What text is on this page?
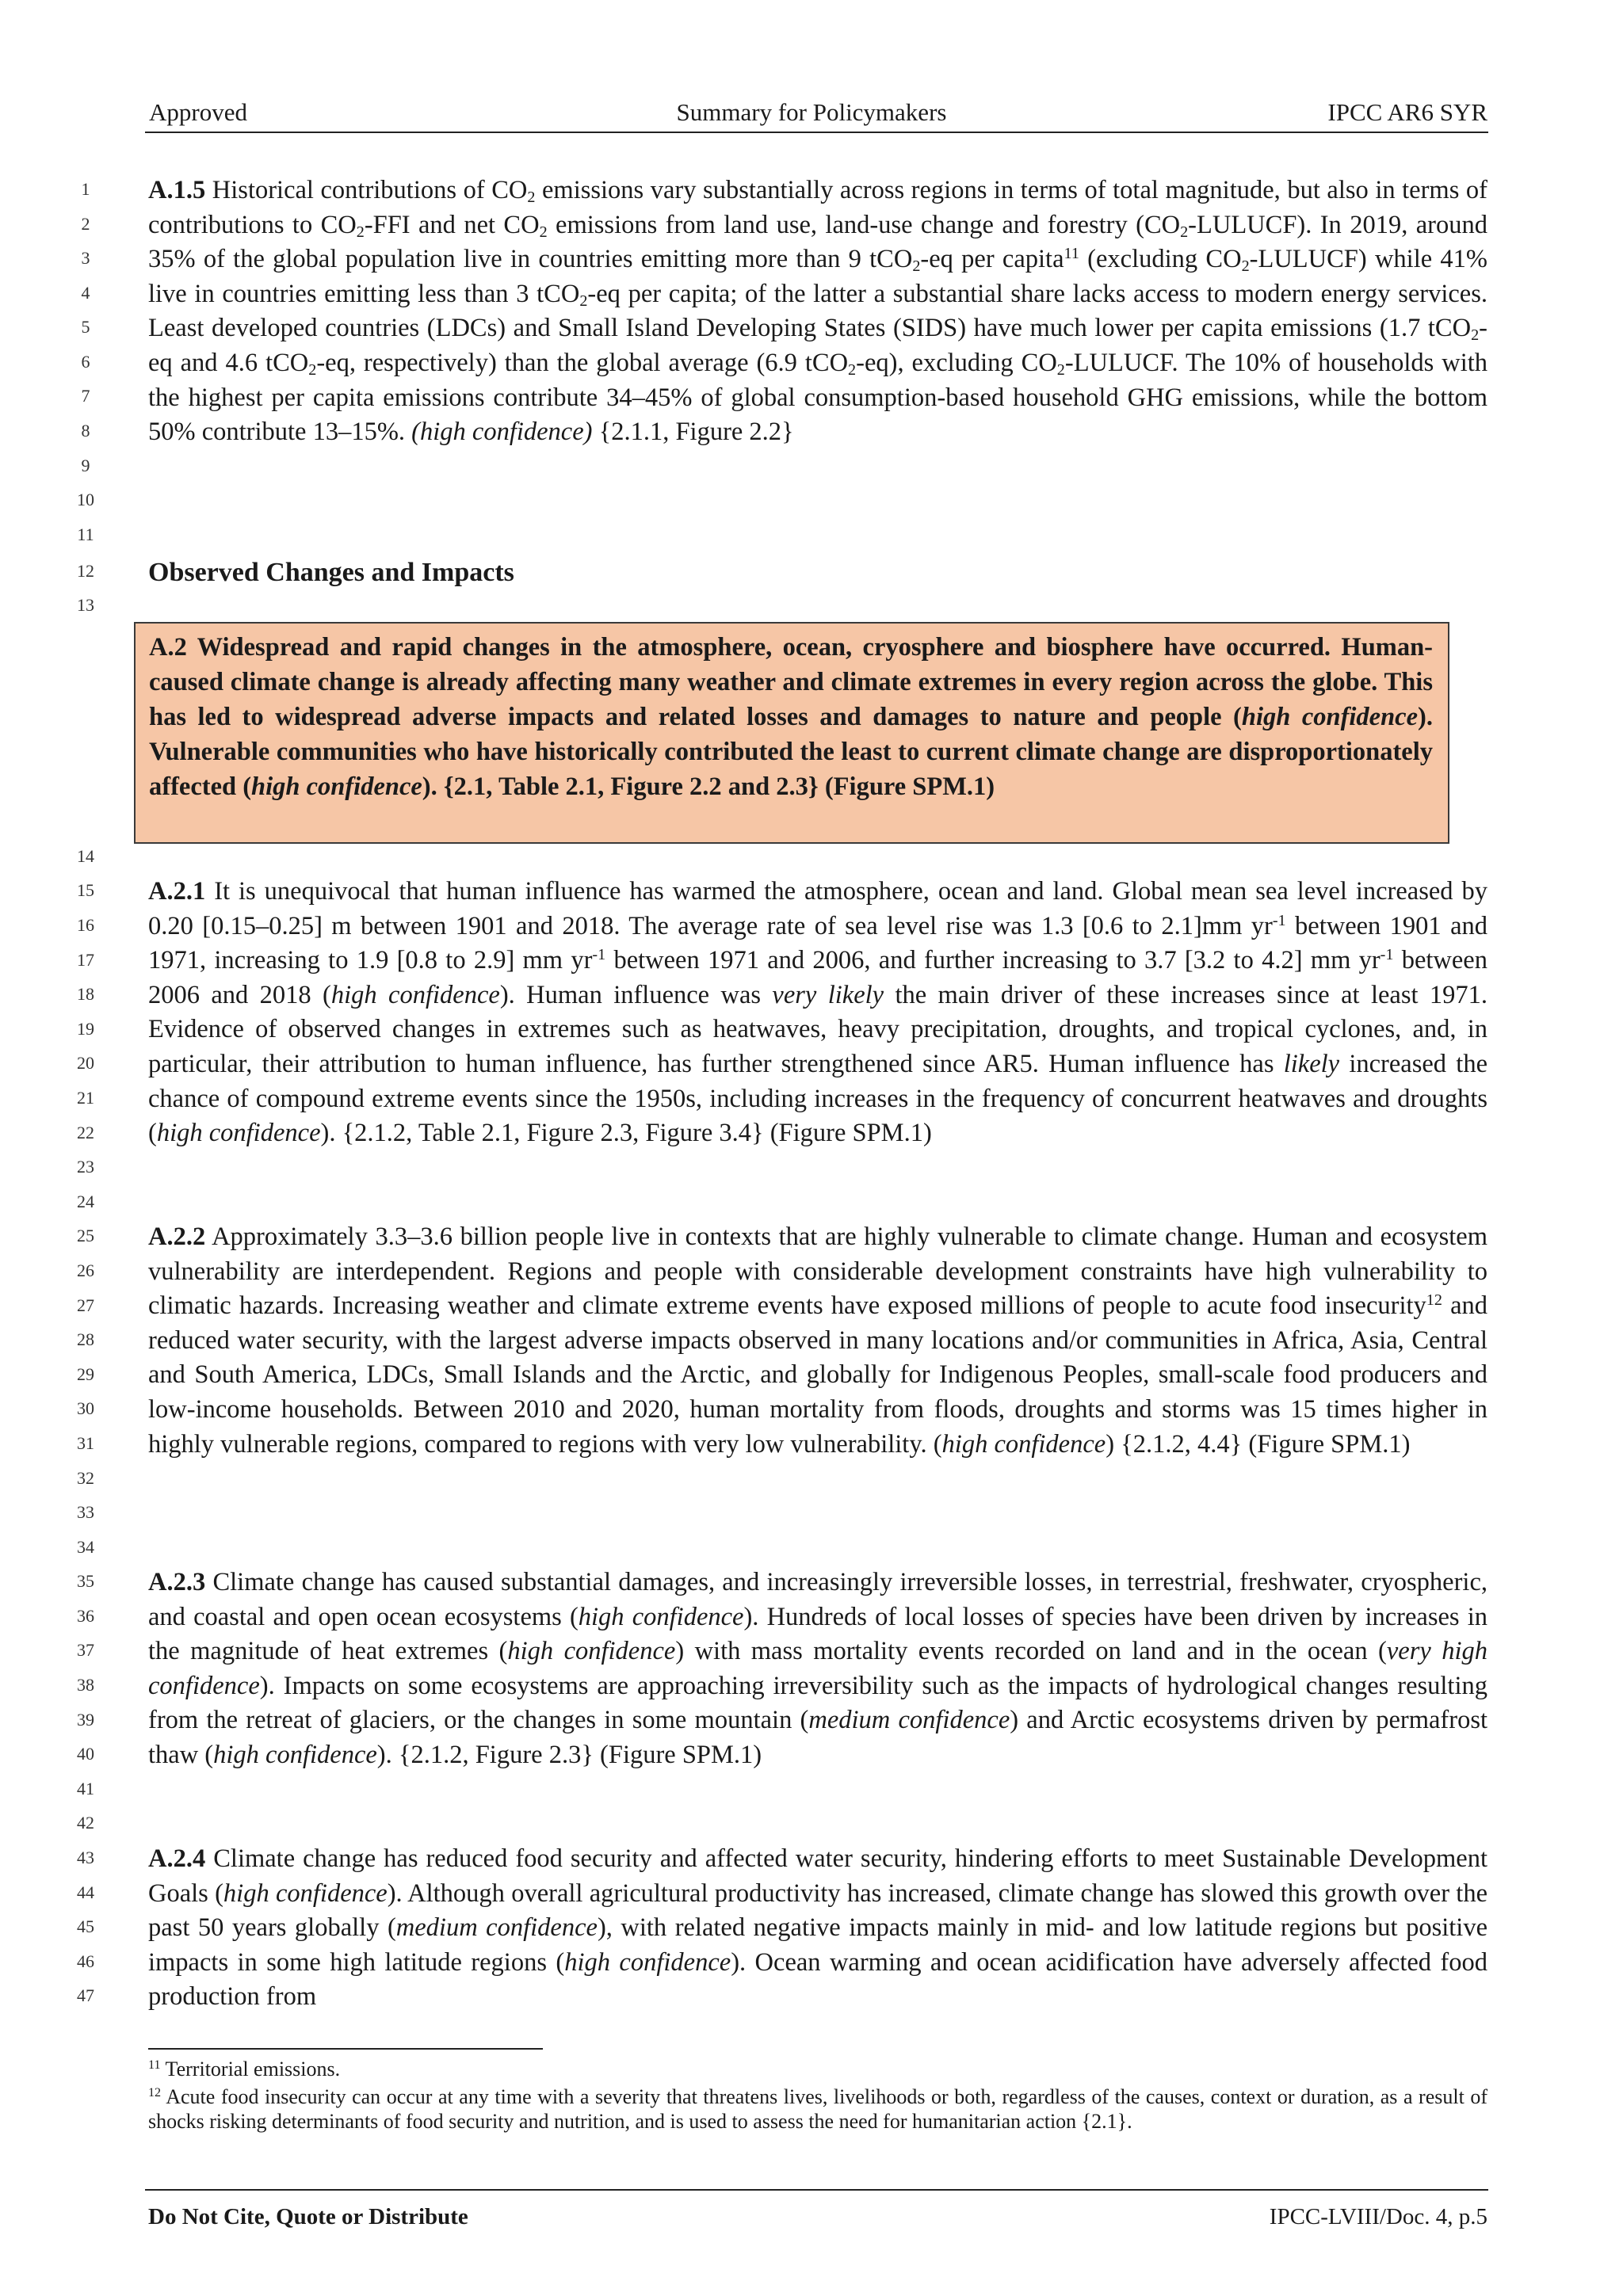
Approved	Summary for Policymakers	IPCC AR6 SYR
1
2
3
4
5
6
7
8
9
10
11
12
13
14
15
16
17
18
19
20
21
22
23
24
25
26
27
28
29
30
31
32
33
34
35
36
37
38
39
40
41
42
43
44
45
46
47
A.1.5 Historical contributions of $CO_2$ emissions vary substantially across regions in terms of total magnitude, but also in terms of contributions to $CO_2$-FFI and net $CO_2$ emissions from land use, land-use change and forestry $(CO_2-LULUCF)$. In 2019, around 35% of the global population live in countries emitting more than 9 tCO$_2$-eq per capita$^{11}$ (excluding $CO_2-LULUCF$) while 41% live in countries emitting less than 3 tCO$_2$-eq per capita; of the latter a substantial share lacks access to modern energy services. Least developed countries (LDCs) and Small Island Developing States (SIDS) have much lower per capita emissions (1.7 tCO$_2$-eq and 4.6 tCO$_2$-eq, respectively) than the global average (6.9 tCO$_2$-eq), excluding $CO_2$-LULUCF. The 10% of households with the highest per capita emissions contribute 34–45% of global consumption-based household GHG emissions, while the bottom 50% contribute 13–15%. (high confidence) {2.1.1, Figure 2.2}
Observed Changes and Impacts
A.2 Widespread and rapid changes in the atmosphere, ocean, cryosphere and biosphere have occurred. Human-caused climate change is already affecting many weather and climate extremes in every region across the globe. This has led to widespread adverse impacts and related losses and damages to nature and people (high confidence). Vulnerable communities who have historically contributed the least to current climate change are disproportionately affected (high confidence). {2.1, Table 2.1, Figure 2.2 and 2.3} (Figure SPM.1)
A.2.1 It is unequivocal that human influence has warmed the atmosphere, ocean and land. Global mean sea level increased by 0.20 [0.15–0.25] m between 1901 and 2018. The average rate of sea level rise was 1.3 [0.6 to 2.1]mm $yr^{-1}$ between 1901 and 1971, increasing to 1.9 [0.8 to 2.9] mm $yr^{-1}$ between 1971 and 2006, and further increasing to 3.7 [3.2 to 4.2] mm $yr^{-1}$ between 2006 and 2018 (high confidence). Human influence was very likely the main driver of these increases since at least 1971. Evidence of observed changes in extremes such as heatwaves, heavy precipitation, droughts, and tropical cyclones, and, in particular, their attribution to human influence, has further strengthened since AR5. Human influence has likely increased the chance of compound extreme events since the 1950s, including increases in the frequency of concurrent heatwaves and droughts (high confidence). {2.1.2, Table 2.1, Figure 2.3, Figure 3.4} (Figure SPM.1)
A.2.2 Approximately 3.3–3.6 billion people live in contexts that are highly vulnerable to climate change. Human and ecosystem vulnerability are interdependent. Regions and people with considerable development constraints have high vulnerability to climatic hazards. Increasing weather and climate extreme events have exposed millions of people to acute food insecurity$^{12}$ and reduced water security, with the largest adverse impacts observed in many locations and/or communities in Africa, Asia, Central and South America, LDCs, Small Islands and the Arctic, and globally for Indigenous Peoples, small-scale food producers and low-income households. Between 2010 and 2020, human mortality from floods, droughts and storms was 15 times higher in highly vulnerable regions, compared to regions with very low vulnerability. (high confidence) {2.1.2, 4.4} (Figure SPM.1)
A.2.3 Climate change has caused substantial damages, and increasingly irreversible losses, in terrestrial, freshwater, cryospheric, and coastal and open ocean ecosystems (high confidence). Hundreds of local losses of species have been driven by increases in the magnitude of heat extremes (high confidence) with mass mortality events recorded on land and in the ocean (very high confidence). Impacts on some ecosystems are approaching irreversibility such as the impacts of hydrological changes resulting from the retreat of glaciers, or the changes in some mountain (medium confidence) and Arctic ecosystems driven by permafrost thaw (high confidence). {2.1.2, Figure 2.3} (Figure SPM.1)
A.2.4 Climate change has reduced food security and affected water security, hindering efforts to meet Sustainable Development Goals (high confidence). Although overall agricultural productivity has increased, climate change has slowed this growth over the past 50 years globally (medium confidence), with related negative impacts mainly in mid- and low latitude regions but positive impacts in some high latitude regions (high confidence). Ocean warming and ocean acidification have adversely affected food production from
$^{11}$ Territorial emissions.
$^{12}$ Acute food insecurity can occur at any time with a severity that threatens lives, livelihoods or both, regardless of the causes, context or duration, as a result of shocks risking determinants of food security and nutrition, and is used to assess the need for humanitarian action {2.1}.
Do Not Cite, Quote or Distribute	IPCC-LVIII/Doc. 4, p.5
